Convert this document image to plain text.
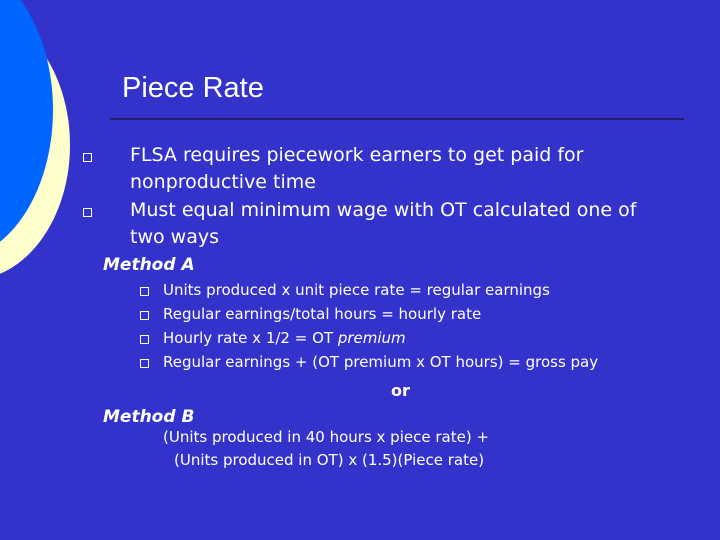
Piece Rate
FLSA requires piecework earners to get paid for
nonproductive time
Must equal minimum wage with OT calculated one of
two ways
Method A
Units produced x unit piece rate = regular earnings
Regular earnings/total hours = hourly rate
Hourly rate x 1/2 = OT premium
Regular earnings + (OT premium x OT hours) = gross pay
or
Method B
(Units produced in 40 hours x piece rate) +
(Units produced in OT) x (1.5)(Piece rate)
